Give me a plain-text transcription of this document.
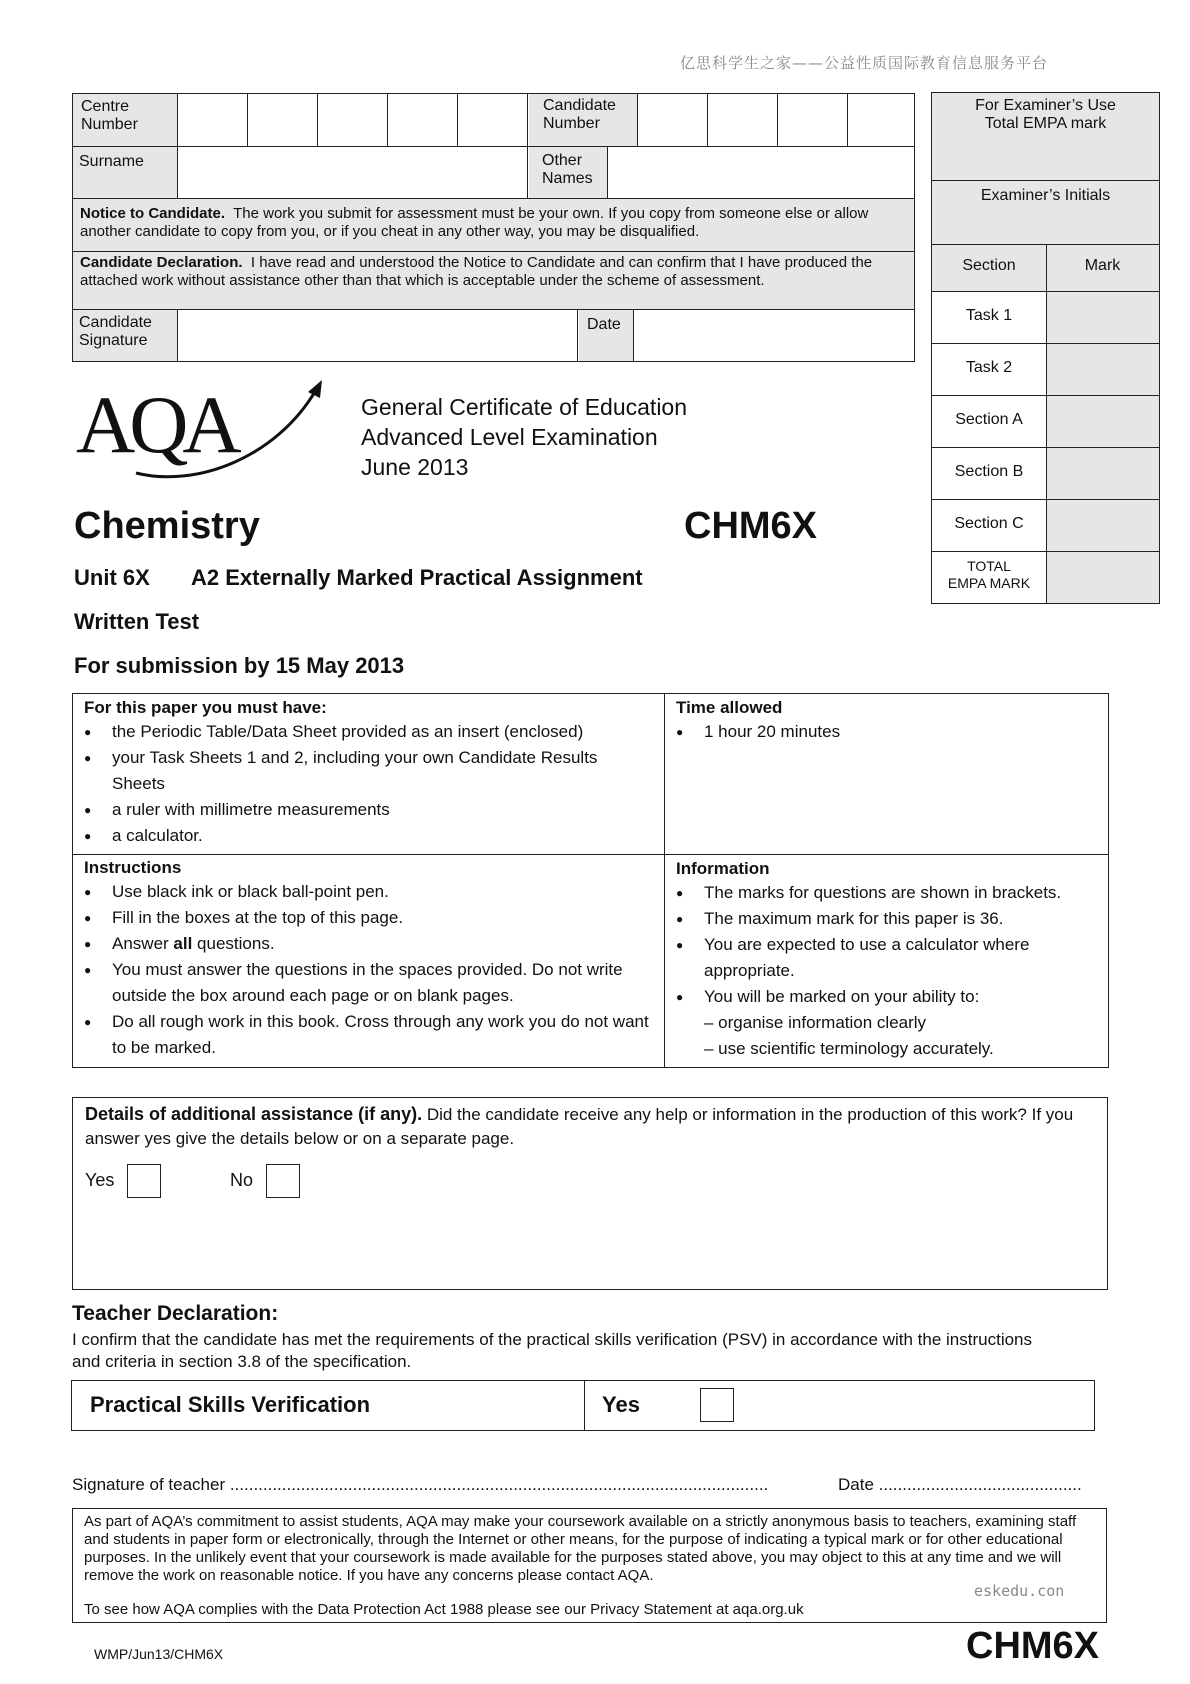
亿思科学生之家——公益性质国际教育信息服务平台
Centre
Number
Candidate
Number
Surname	Other
Names
Notice to Candidate. The work you submit for assessment must be your own. If you copy from someone else or allow another candidate to copy from you, or if you cheat in any other way, you may be disqualified.
Candidate Declaration. I have read and understood the Notice to Candidate and can confirm that I have produced the attached work without assistance other than that which is acceptable under the scheme of assessment.
Candidate
Signature
Date
For Examiner’s Use
Total EMPA mark
Examiner’s Initials
Section	Mark
Task 1
Task 2
Section A
Section B
Section C
TOTAL
EMPA MARK
AQA	General Certificate of Education
Advanced Level Examination
June 2013
Chemistry	CHM6X
Unit 6X A2 Externally Marked Practical Assignment
Written Test
For submission by 15 May 2013
For this paper you must have:
● the Periodic Table/Data Sheet provided as an insert (enclosed)
● your Task Sheets 1 and 2, including your own Candidate Results Sheets
● a ruler with millimetre measurements
● a calculator.
Time allowed
● 1 hour 20 minutes
Instructions
● Use black ink or black ball-point pen.
● Fill in the boxes at the top of this page.
● Answer all questions.
● You must answer the questions in the spaces provided. Do not write outside the box around each page or on blank pages.
● Do all rough work in this book. Cross through any work you do not want to be marked.
Information
● The marks for questions are shown in brackets.
● The maximum mark for this paper is 36.
● You are expected to use a calculator where appropriate.
● You will be marked on your ability to:
– organise information clearly
– use scientific terminology accurately.
Details of additional assistance (if any). Did the candidate receive any help or information in the production of this work? If you answer yes give the details below or on a separate page.
Yes	No
Teacher Declaration:
I confirm that the candidate has met the requirements of the practical skills verification (PSV) in accordance with the instructions and criteria in section 3.8 of the specification.
Practical Skills Verification	Yes
Signature of teacher ..................................................................................................................	Date ...........................................
As part of AQA’s commitment to assist students, AQA may make your coursework available on a strictly anonymous basis to teachers, examining staff and students in paper form or electronically, through the Internet or other means, for the purpose of indicating a typical mark or for other educational purposes. In the unlikely event that your coursework is made available for the purposes stated above, you may object to this at any time and we will remove the work on reasonable notice. If you have any concerns please contact AQA.
eskedu.con
To see how AQA complies with the Data Protection Act 1988 please see our Privacy Statement at aqa.org.uk
WMP/Jun13/CHM6X	CHM6X
